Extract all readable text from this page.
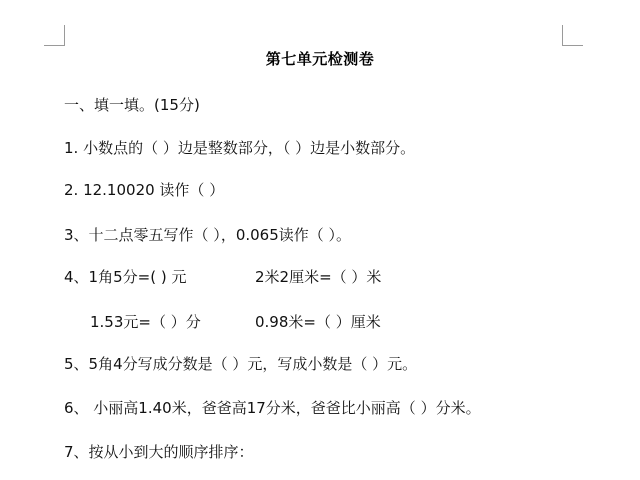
第七单元检测卷
一、填一填。(15分)
1. 小数点的（ ）边是整数部分，（ ）边是小数部分。
2. 12.10020 读作（ ）
3、十二点零五写作（ ），0.065读作（ ）。
4、1角5分=( ) 元	2米2厘米=（ ）米
1.53元=（ ）分	0.98米=（ ）厘米
5、5角4分写成分数是（ ）元，写成小数是（ ）元。
6、 小丽高1.40米，爸爸高17分米，爸爸比小丽高（ ）分米。
7、按从小到大的顺序排序：
